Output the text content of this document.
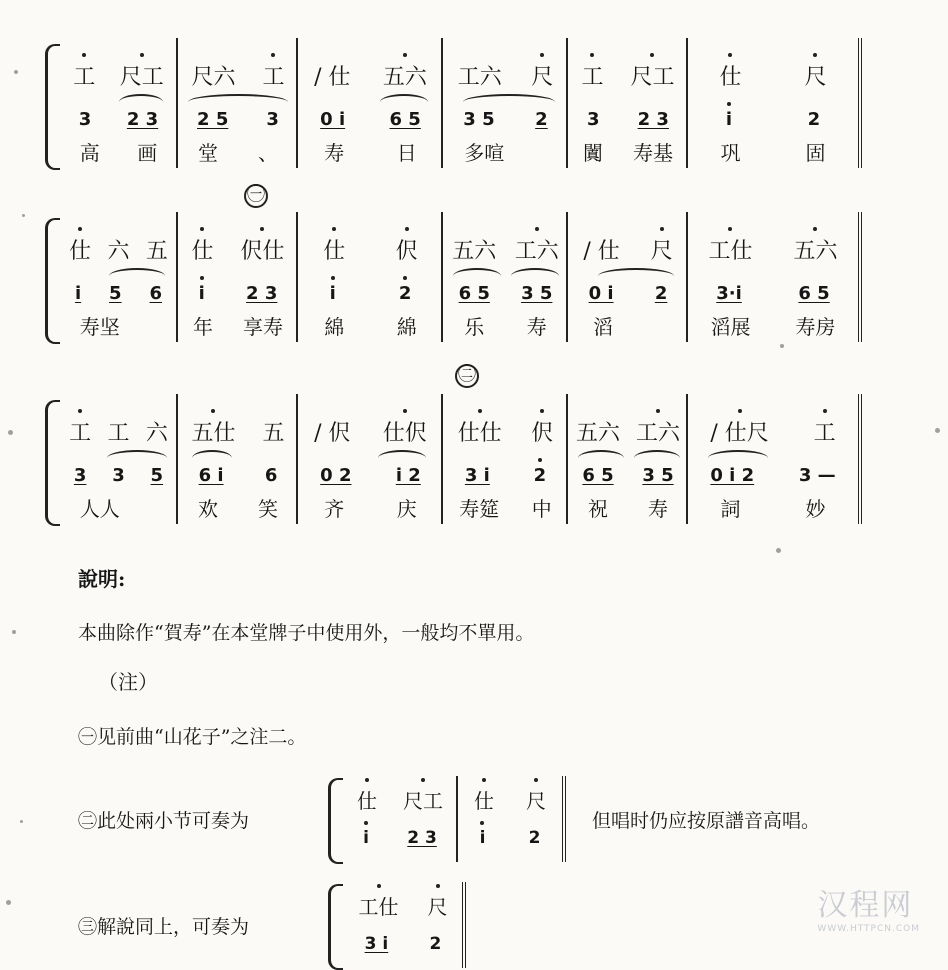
工 尺工
3 2 3
高 画
尺六 工
2 5 3
堂 、
/ 仕 五六
0 i 6 5
寿	日
工六 尺
3 5 2
多喧
工 尺工
3 2 3
闐 寿基
仕	尺
i	2
巩	固
㊀
仕 六 五
i 5 6
寿坚
仕 伬仕
i 2 3
年 享寿
仕 伬
i	2
綿	綿
五六 工六
6 5 3 5
乐 寿
/ 仕 尺
0 i 2
滔
工仕 五六
3·i	6 5
滔展 寿房
㊁
工 工 六
3 3 5
人人
五仕 五
6 i 6
欢 笑
/ 伬 仕伬
0 2 i 2
齐	庆
仕仕 伬
3 i 2
寿筵 中
五六 工六
6 5 3 5
祝 寿
/ 仕尺 工
0 i 2 3 —
詞	妙
說明:
本曲除作“賀寿”在本堂牌子中使用外，一般均不單用。
（注）
㊀见前曲“山花子”之注二。
㊁此处兩小节可奏为
仕 尺工
i 2 3
仕 尺
i	2
但唱时仍应按原譜音高唱。
㊂解說同上，可奏为
工仕 尺
3 i 2
汉程网
WWW.HTTPCN.COM
